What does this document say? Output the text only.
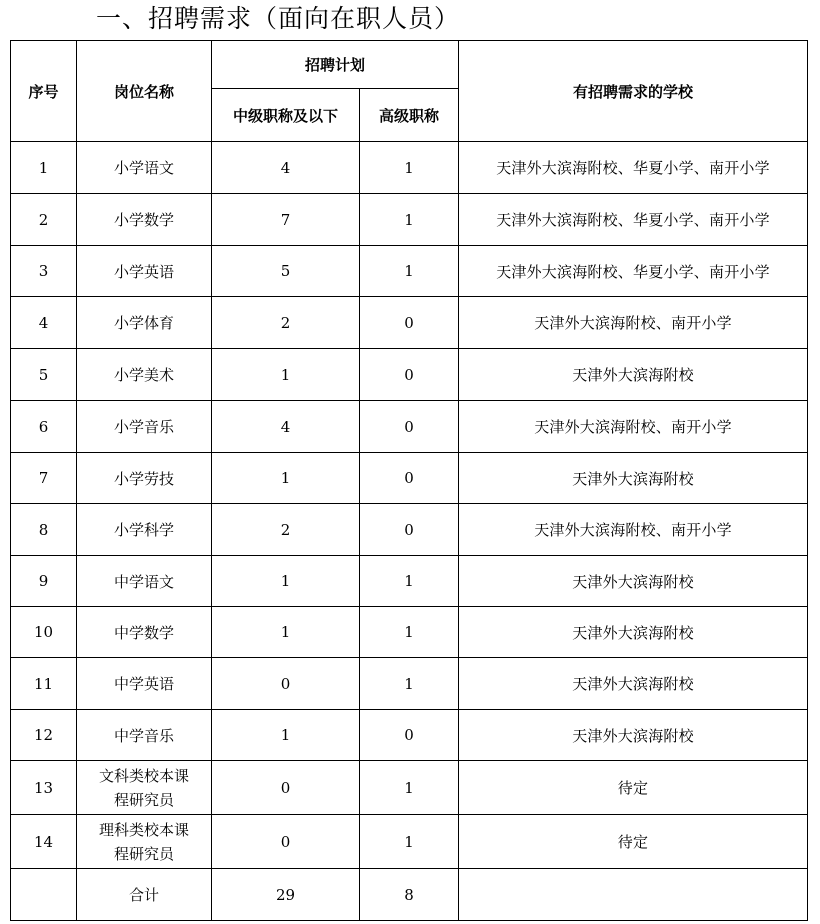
一、招聘需求（面向在职人员）
序号	岗位名称	招聘计划		有招聘需求的学校
		中级职称及以下	高级职称	
1	小学语文	4	1	天津外大滨海附校、华夏小学、南开小学
2	小学数学	7	1	天津外大滨海附校、华夏小学、南开小学
3	小学英语	5	1	天津外大滨海附校、华夏小学、南开小学
4	小学体育	2	0	天津外大滨海附校、南开小学
5	小学美术	1	0	天津外大滨海附校
6	小学音乐	4	0	天津外大滨海附校、南开小学
7	小学劳技	1	0	天津外大滨海附校
8	小学科学	2	0	天津外大滨海附校、南开小学
9	中学语文	1	1	天津外大滨海附校
10	中学数学	1	1	天津外大滨海附校
11	中学英语	0	1	天津外大滨海附校
12	中学音乐	1	0	天津外大滨海附校
13	文科类校本课
程研究员	0	1	待定
14	理科类校本课
程研究员	0	1	待定
	合计	29	8	
